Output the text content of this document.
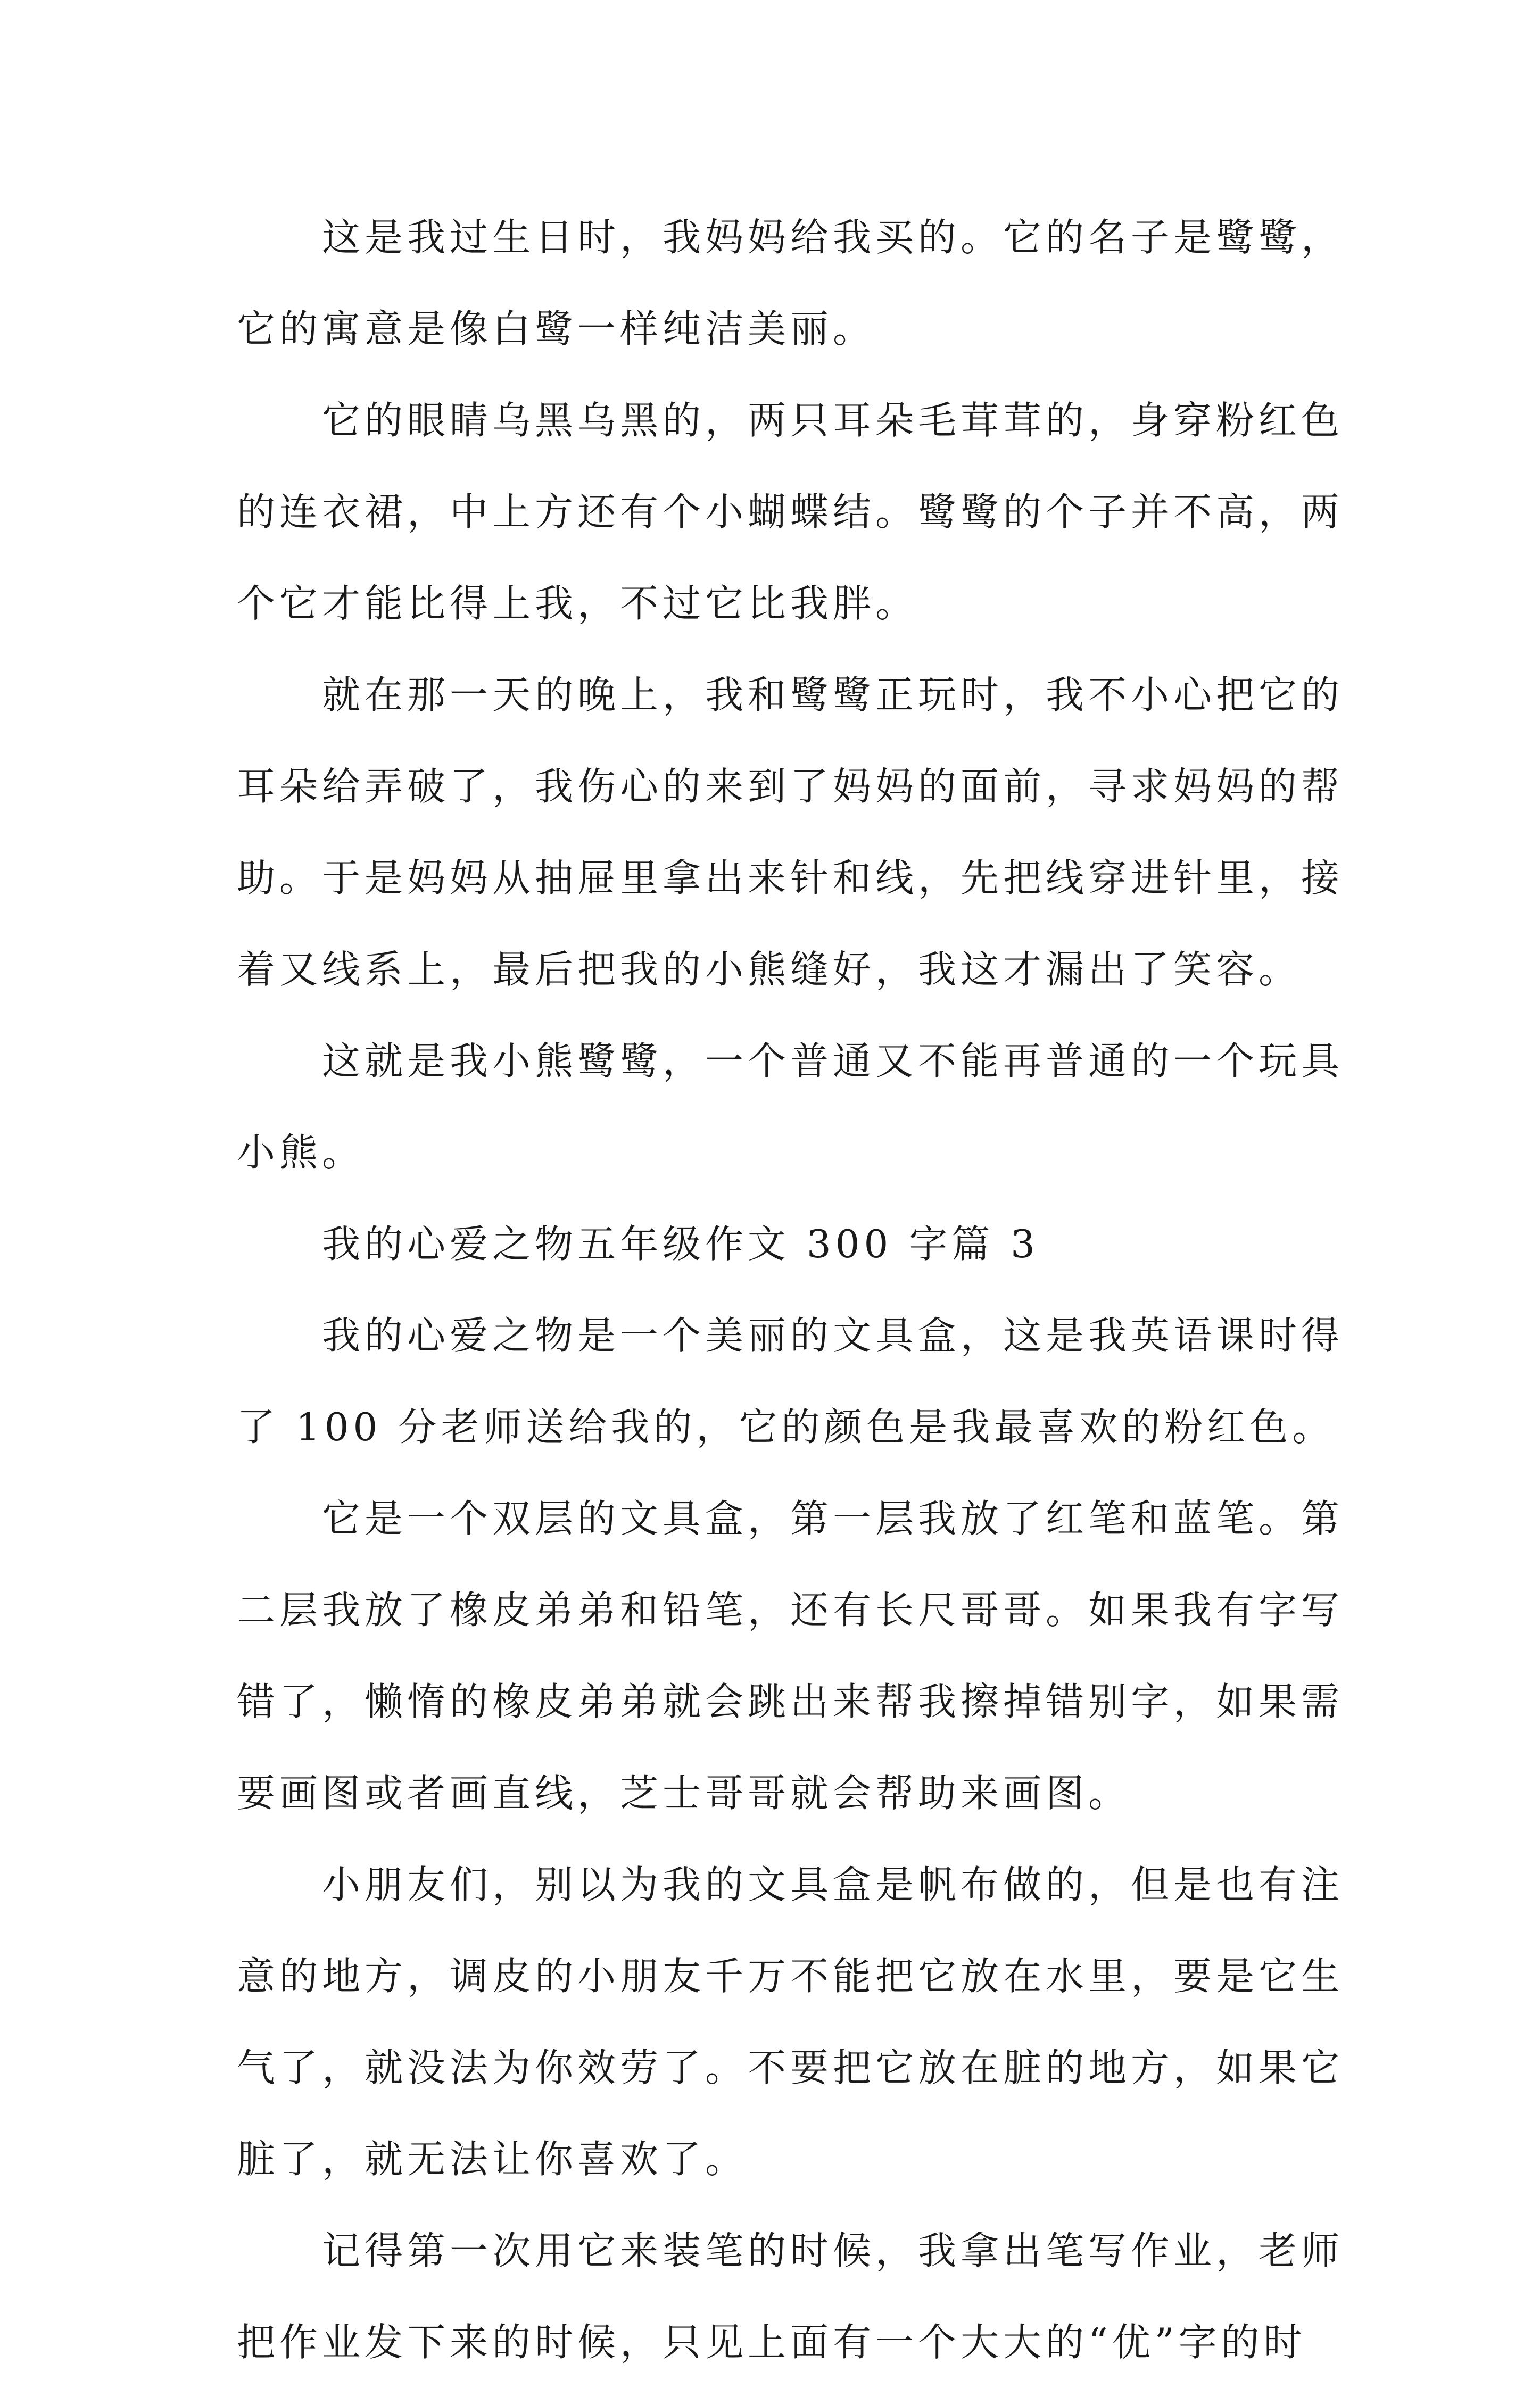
这是我过生日时，我妈妈给我买的。它的名子是鹭鹭，
它的寓意是像白鹭一样纯洁美丽。
它的眼睛乌黑乌黑的，两只耳朵毛茸茸的，身穿粉红色
的连衣裙，中上方还有个小蝴蝶结。鹭鹭的个子并不高，两
个它才能比得上我，不过它比我胖。
就在那一天的晚上，我和鹭鹭正玩时，我不小心把它的
耳朵给弄破了，我伤心的来到了妈妈的面前，寻求妈妈的帮
助。于是妈妈从抽屉里拿出来针和线，先把线穿进针里，接
着又线系上，最后把我的小熊缝好，我这才漏出了笑容。
这就是我小熊鹭鹭，一个普通又不能再普通的一个玩具
小熊。
我的心爱之物五年级作文 300 字篇 3
我的心爱之物是一个美丽的文具盒，这是我英语课时得
了 100 分老师送给我的，它的颜色是我最喜欢的粉红色。
它是一个双层的文具盒，第一层我放了红笔和蓝笔。第
二层我放了橡皮弟弟和铅笔，还有长尺哥哥。如果我有字写
错了，懒惰的橡皮弟弟就会跳出来帮我擦掉错别字，如果需
要画图或者画直线，芝士哥哥就会帮助来画图。
小朋友们，别以为我的文具盒是帆布做的，但是也有注
意的地方，调皮的小朋友千万不能把它放在水里，要是它生
气了，就没法为你效劳了。不要把它放在脏的地方，如果它
脏了，就无法让你喜欢了。
记得第一次用它来装笔的时候，我拿出笔写作业，老师
把作业发下来的时候，只见上面有一个大大的“优”字的时
